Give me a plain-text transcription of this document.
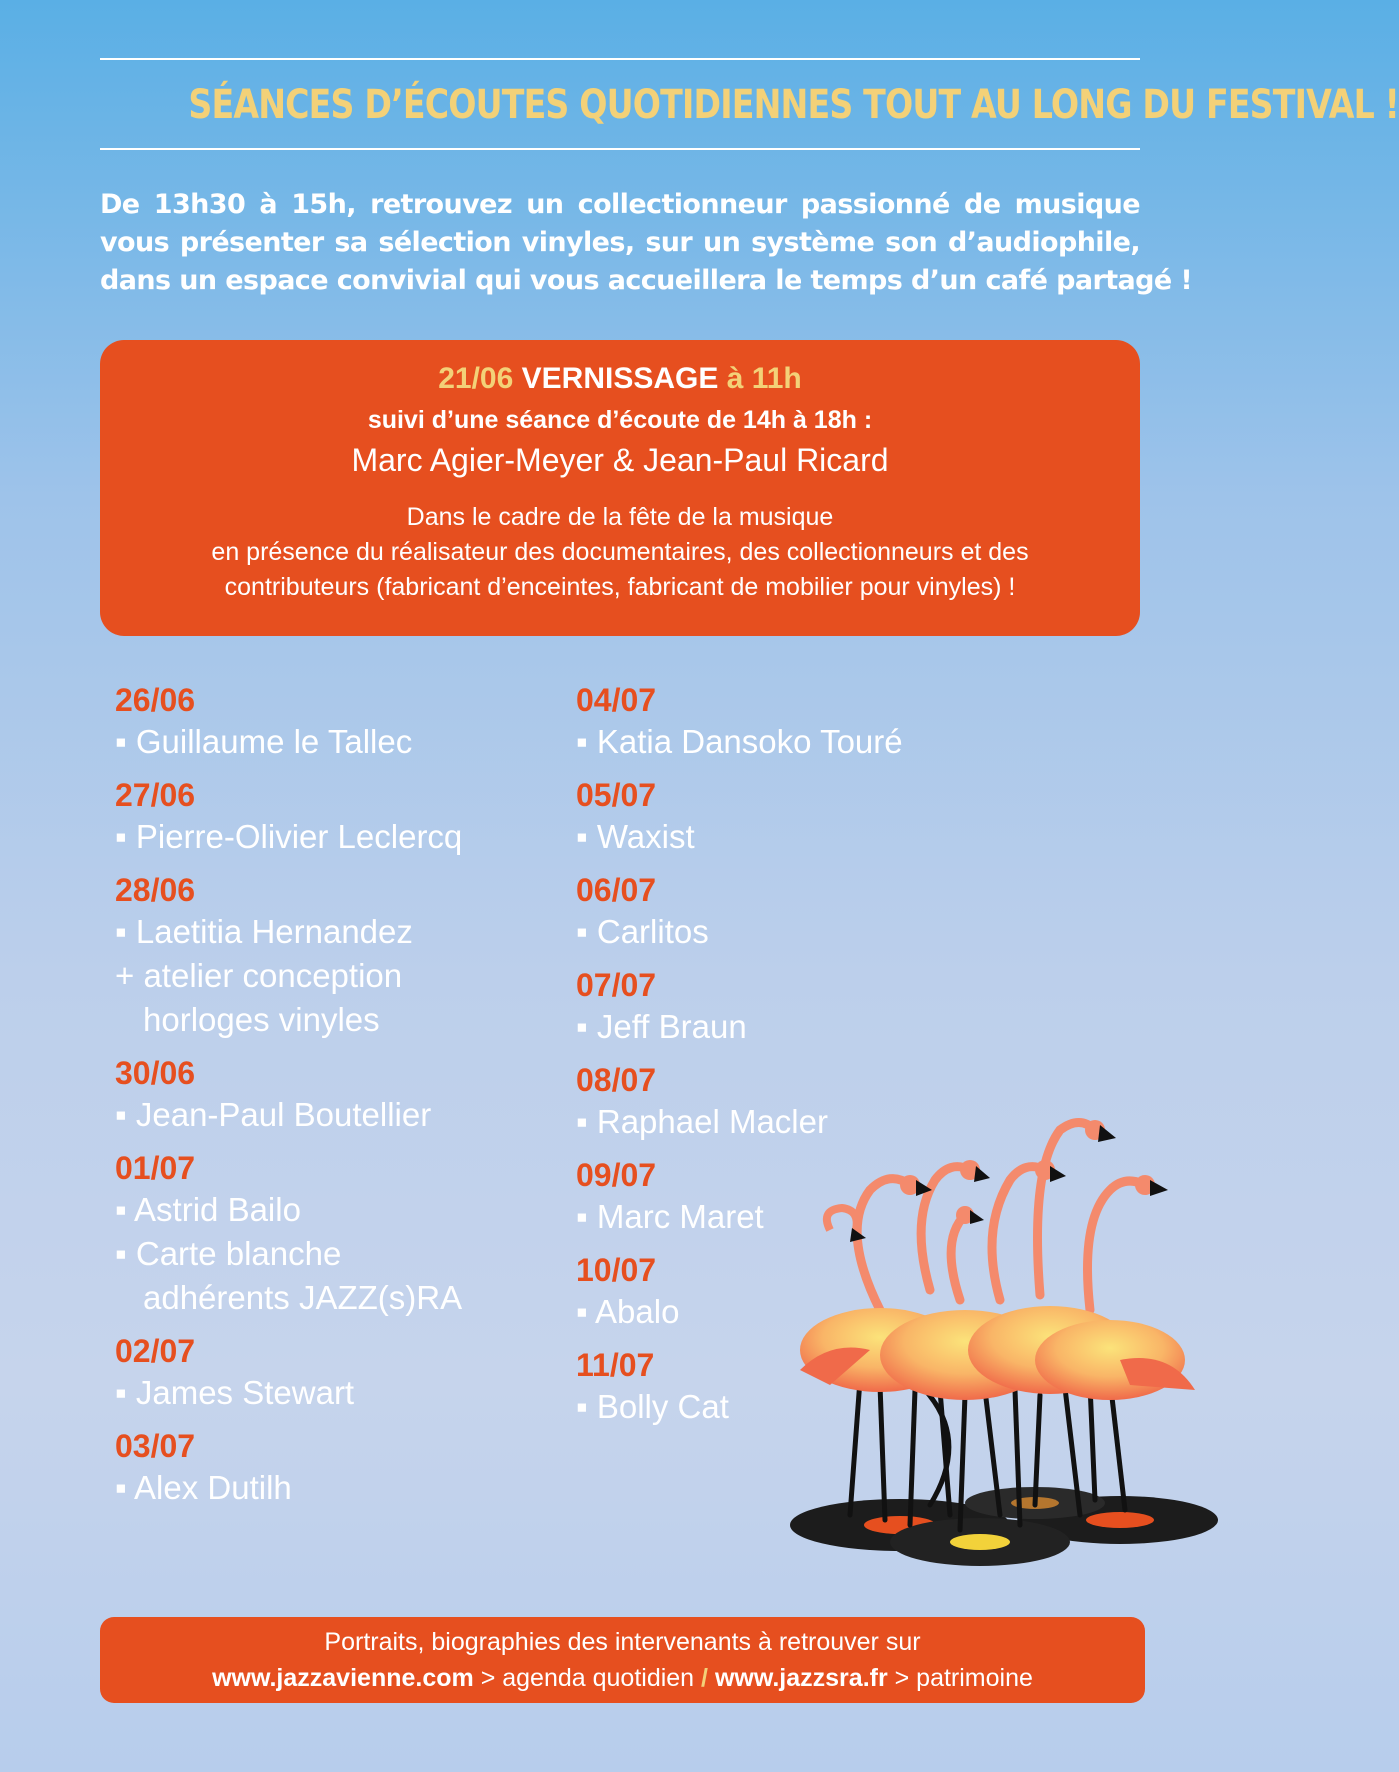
SÉANCES D’ÉCOUTES QUOTIDIENNES TOUT AU LONG DU FESTIVAL !
De 13h30 à 15h, retrouvez un collectionneur passionné de musique
vous présenter sa sélection vinyles, sur un système son d’audiophile,
dans un espace convivial qui vous accueillera le temps d’un café partagé !
21/06 VERNISSAGE à 11h
suivi d’une séance d’écoute de 14h à 18h :
Marc Agier-Meyer & Jean-Paul Ricard
Dans le cadre de la fête de la musique
en présence du réalisateur des documentaires, des collectionneurs et des
contributeurs (fabricant d’enceintes, fabricant de mobilier pour vinyles) !
26/06
▪ Guillaume le Tallec
27/06
▪ Pierre-Olivier Leclercq
28/06
▪ Laetitia Hernandez
+ atelier conception
horloges vinyles
30/06
▪ Jean-Paul Boutellier
01/07
▪ Astrid Bailo
▪ Carte blanche
adhérents JAZZ(s)RA
02/07
▪ James Stewart
03/07
▪ Alex Dutilh
04/07
▪ Katia Dansoko Touré
05/07
▪ Waxist
06/07
▪ Carlitos
07/07
▪ Jeff Braun
08/07
▪ Raphael Macler
09/07
▪ Marc Maret
10/07
▪ Abalo
11/07
▪ Bolly Cat
Portraits, biographies des intervenants à retrouver sur
www.jazzavienne.com > agenda quotidien / www.jazzsra.fr > patrimoine
